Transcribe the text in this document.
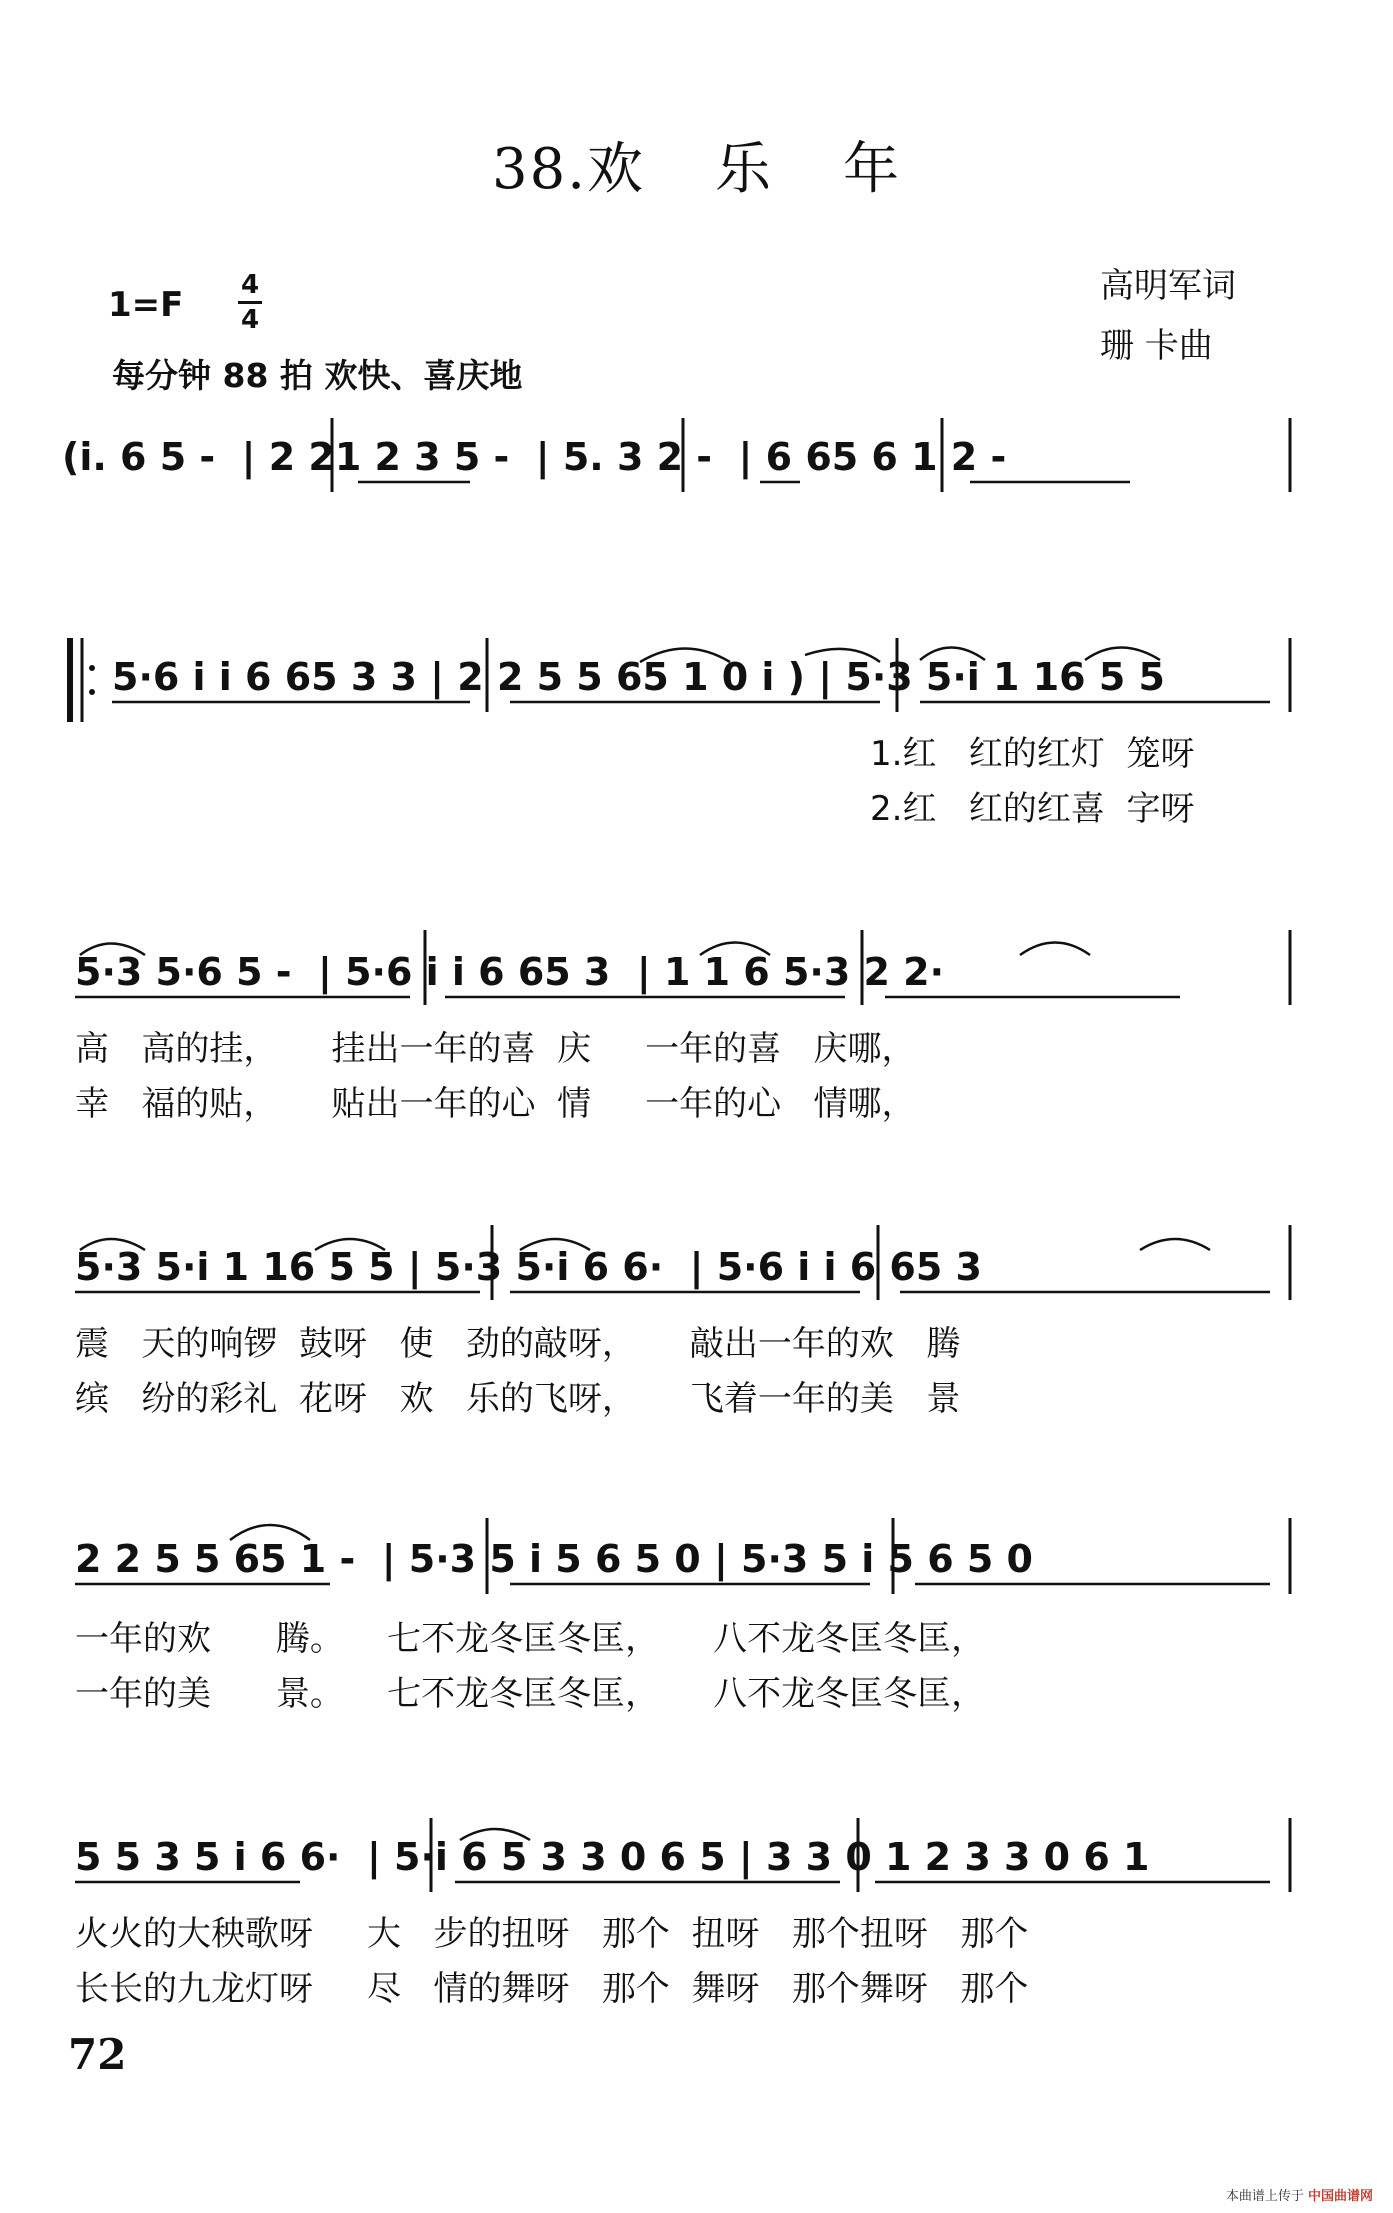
38.欢 乐 年
1=F 4
4
每分钟 88 拍 欢快、喜庆地
高明军词
珊 卡曲
(i. 6 5 -  | 2 21 2 3 5 -  | 5. 3 2 -  | 6 65 6 1 2 -
5·6 i i 6 65 3 3 | 2 2 5 5 65 1 0 i ) | 5·3 5·i 1 16 5 5
5·3 5·6 5 -  | 5·6 i i 6 65 3  | 1 1 6 5·3 2 2·
5·3 5·i 1 16 5 5 | 5·3 5·i 6 6·  | 5·6 i i 6 65 3
2 2 5 5 65 1 -  | 5·3 5 i 5 6 5 0 | 5·3 5 i 5 6 5 0
5 5 3 5 i 6 6·  | 5·i 6 5 3 3 0 6 5 | 3 3 0 1 2 3 3 0 6 1
1.红   红的红灯  笼呀
2.红   红的红喜  字呀
高   高的挂，     挂出一年的喜  庆     一年的喜   庆哪，
幸   福的贴，     贴出一年的心  情     一年的心   情哪，
震   天的响锣  鼓呀   使   劲的敲呀，     敲出一年的欢   腾
缤   纷的彩礼  花呀   欢   乐的飞呀，     飞着一年的美   景
一年的欢      腾。    七不龙冬匡冬匡，     八不龙冬匡冬匡，
一年的美      景。    七不龙冬匡冬匡，     八不龙冬匡冬匡，
火火的大秧歌呀     大   步的扭呀   那个  扭呀   那个扭呀   那个
长长的九龙灯呀     尽   情的舞呀   那个  舞呀   那个舞呀   那个
72
本曲谱上传于 中国曲谱网
